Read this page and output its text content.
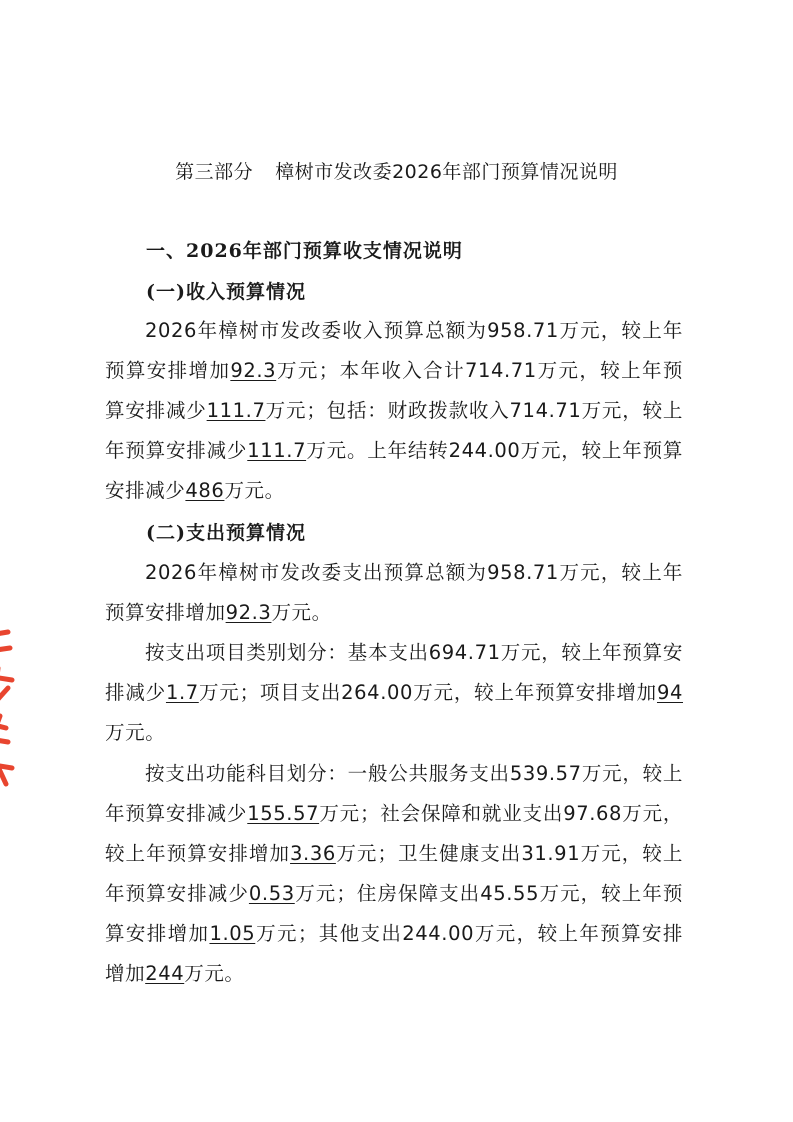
第三部分 樟树市发改委2026年部门预算情况说明
一、2026年部门预算收支情况说明
(一)收入预算情况
2026年樟树市发改委收入预算总额为958.71万元，较上年预算安排增加92.3万元；本年收入合计714.71万元，较上年预算安排减少111.7万元；包括：财政拨款收入714.71万元，较上年预算安排减少111.7万元。上年结转244.00万元，较上年预算安排减少486万元。
(二)支出预算情况
2026年樟树市发改委支出预算总额为958.71万元，较上年预算安排增加92.3万元。
按支出项目类别划分：基本支出694.71万元，较上年预算安排减少1.7万元；项目支出264.00万元，较上年预算安排增加94万元。
按支出功能科目划分：一般公共服务支出539.57万元，较上年预算安排减少155.57万元；社会保障和就业支出97.68万元，较上年预算安排增加3.36万元；卫生健康支出31.91万元，较上年预算安排减少0.53万元；住房保障支出45.55万元，较上年预算安排增加1.05万元；其他支出244.00万元，较上年预算安排增加244万元。
